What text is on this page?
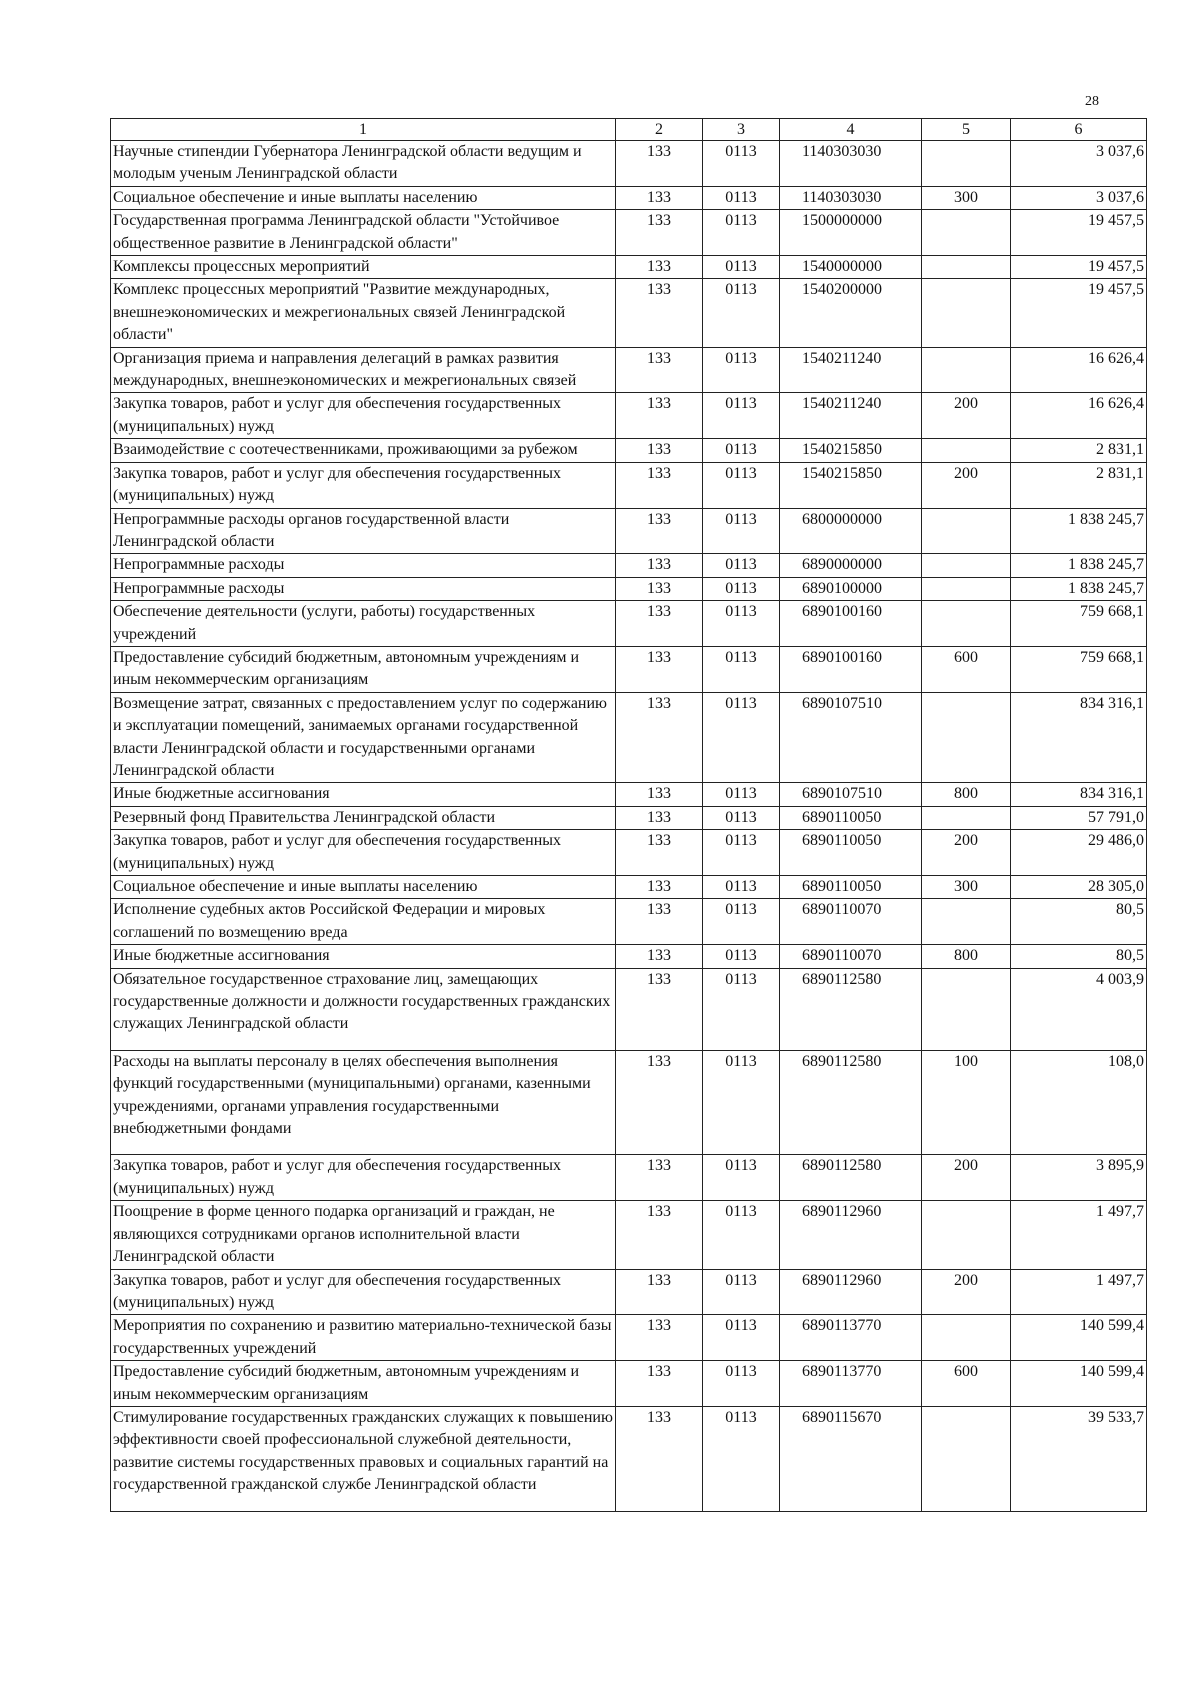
28
1	2	3	4	5	6
Научные стипендии Губернатора Ленинградской области ведущим и молодым ученым Ленинградской области	133	0113	1140303030		3 037,6
Социальное обеспечение и иные выплаты населению	133	0113	1140303030	300	3 037,6
Государственная программа Ленинградской области "Устойчивое общественное развитие в Ленинградской области"	133	0113	1500000000		19 457,5
Комплексы процессных мероприятий	133	0113	1540000000		19 457,5
Комплекс процессных мероприятий "Развитие международных, внешнеэкономических и межрегиональных связей Ленинградской области"	133	0113	1540200000		19 457,5
Организация приема и направления делегаций в рамках развития международных, внешнеэкономических и межрегиональных связей	133	0113	1540211240		16 626,4
Закупка товаров, работ и услуг для обеспечения государственных (муниципальных) нужд	133	0113	1540211240	200	16 626,4
Взаимодействие с соотечественниками, проживающими за рубежом	133	0113	1540215850		2 831,1
Закупка товаров, работ и услуг для обеспечения государственных (муниципальных) нужд	133	0113	1540215850	200	2 831,1
Непрограммные расходы органов государственной власти Ленинградской области	133	0113	6800000000		1 838 245,7
Непрограммные расходы	133	0113	6890000000		1 838 245,7
Непрограммные расходы	133	0113	6890100000		1 838 245,7
Обеспечение деятельности (услуги, работы) государственных учреждений	133	0113	6890100160		759 668,1
Предоставление субсидий бюджетным, автономным учреждениям и иным некоммерческим организациям	133	0113	6890100160	600	759 668,1
Возмещение затрат, связанных с предоставлением услуг по содержанию и эксплуатации помещений, занимаемых органами государственной власти Ленинградской области и государственными органами Ленинградской области	133	0113	6890107510		834 316,1
Иные бюджетные ассигнования	133	0113	6890107510	800	834 316,1
Резервный фонд Правительства Ленинградской области	133	0113	6890110050		57 791,0
Закупка товаров, работ и услуг для обеспечения государственных (муниципальных) нужд	133	0113	6890110050	200	29 486,0
Социальное обеспечение и иные выплаты населению	133	0113	6890110050	300	28 305,0
Исполнение судебных актов Российской Федерации и мировых соглашений по возмещению вреда	133	0113	6890110070		80,5
Иные бюджетные ассигнования	133	0113	6890110070	800	80,5
Обязательное государственное страхование лиц, замещающих государственные должности и должности государственных гражданских служащих Ленинградской области	133	0113	6890112580		4 003,9
Расходы на выплаты персоналу в целях обеспечения выполнения функций государственными (муниципальными) органами, казенными учреждениями, органами управления государственными внебюджетными фондами	133	0113	6890112580	100	108,0
Закупка товаров, работ и услуг для обеспечения государственных (муниципальных) нужд	133	0113	6890112580	200	3 895,9
Поощрение в форме ценного подарка организаций и граждан, не являющихся сотрудниками органов исполнительной власти Ленинградской области	133	0113	6890112960		1 497,7
Закупка товаров, работ и услуг для обеспечения государственных (муниципальных) нужд	133	0113	6890112960	200	1 497,7
Мероприятия по сохранению и развитию материально-технической базы государственных учреждений	133	0113	6890113770		140 599,4
Предоставление субсидий бюджетным, автономным учреждениям и иным некоммерческим организациям	133	0113	6890113770	600	140 599,4
Стимулирование государственных гражданских служащих к повышению эффективности своей профессиональной служебной деятельности, развитие системы государственных правовых и социальных гарантий на государственной гражданской службе Ленинградской области	133	0113	6890115670		39 533,7
